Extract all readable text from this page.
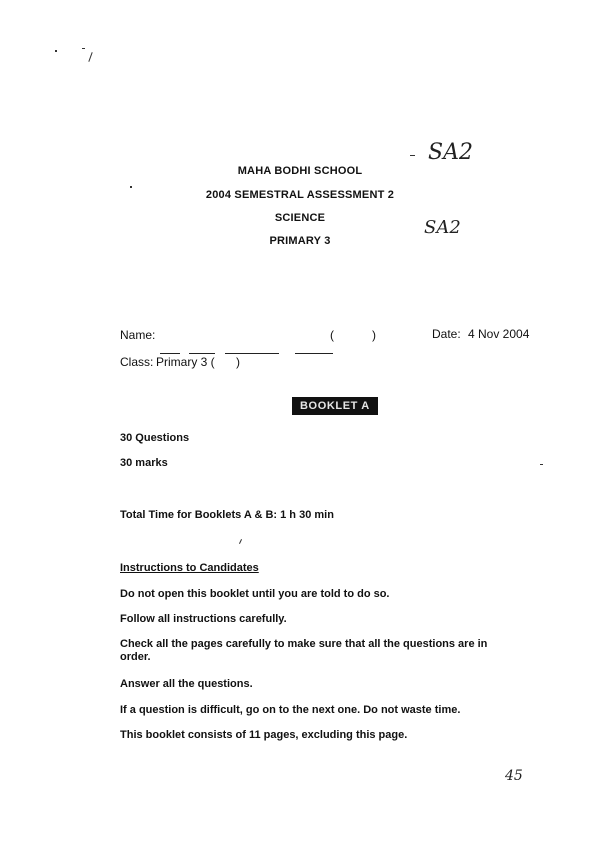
MAHA BODHI SCHOOL
SA2
2004 SEMESTRAL ASSESSMENT 2
SCIENCE	SA2
PRIMARY 3
Name:
	(	)	Date: 4 Nov 2004
Class: Primary 3 ( )
BOOKLET A
30 Questions
30 marks
Total Time for Booklets A & B: 1 h 30 min
Instructions to Candidates
Do not open this booklet until you are told to do so.
Follow all instructions carefully.
Check all the pages carefully to make sure that all the questions are in order.
Answer all the questions.
If a question is difficult, go on to the next one. Do not waste time.
This booklet consists of 11 pages, excluding this page.
45
